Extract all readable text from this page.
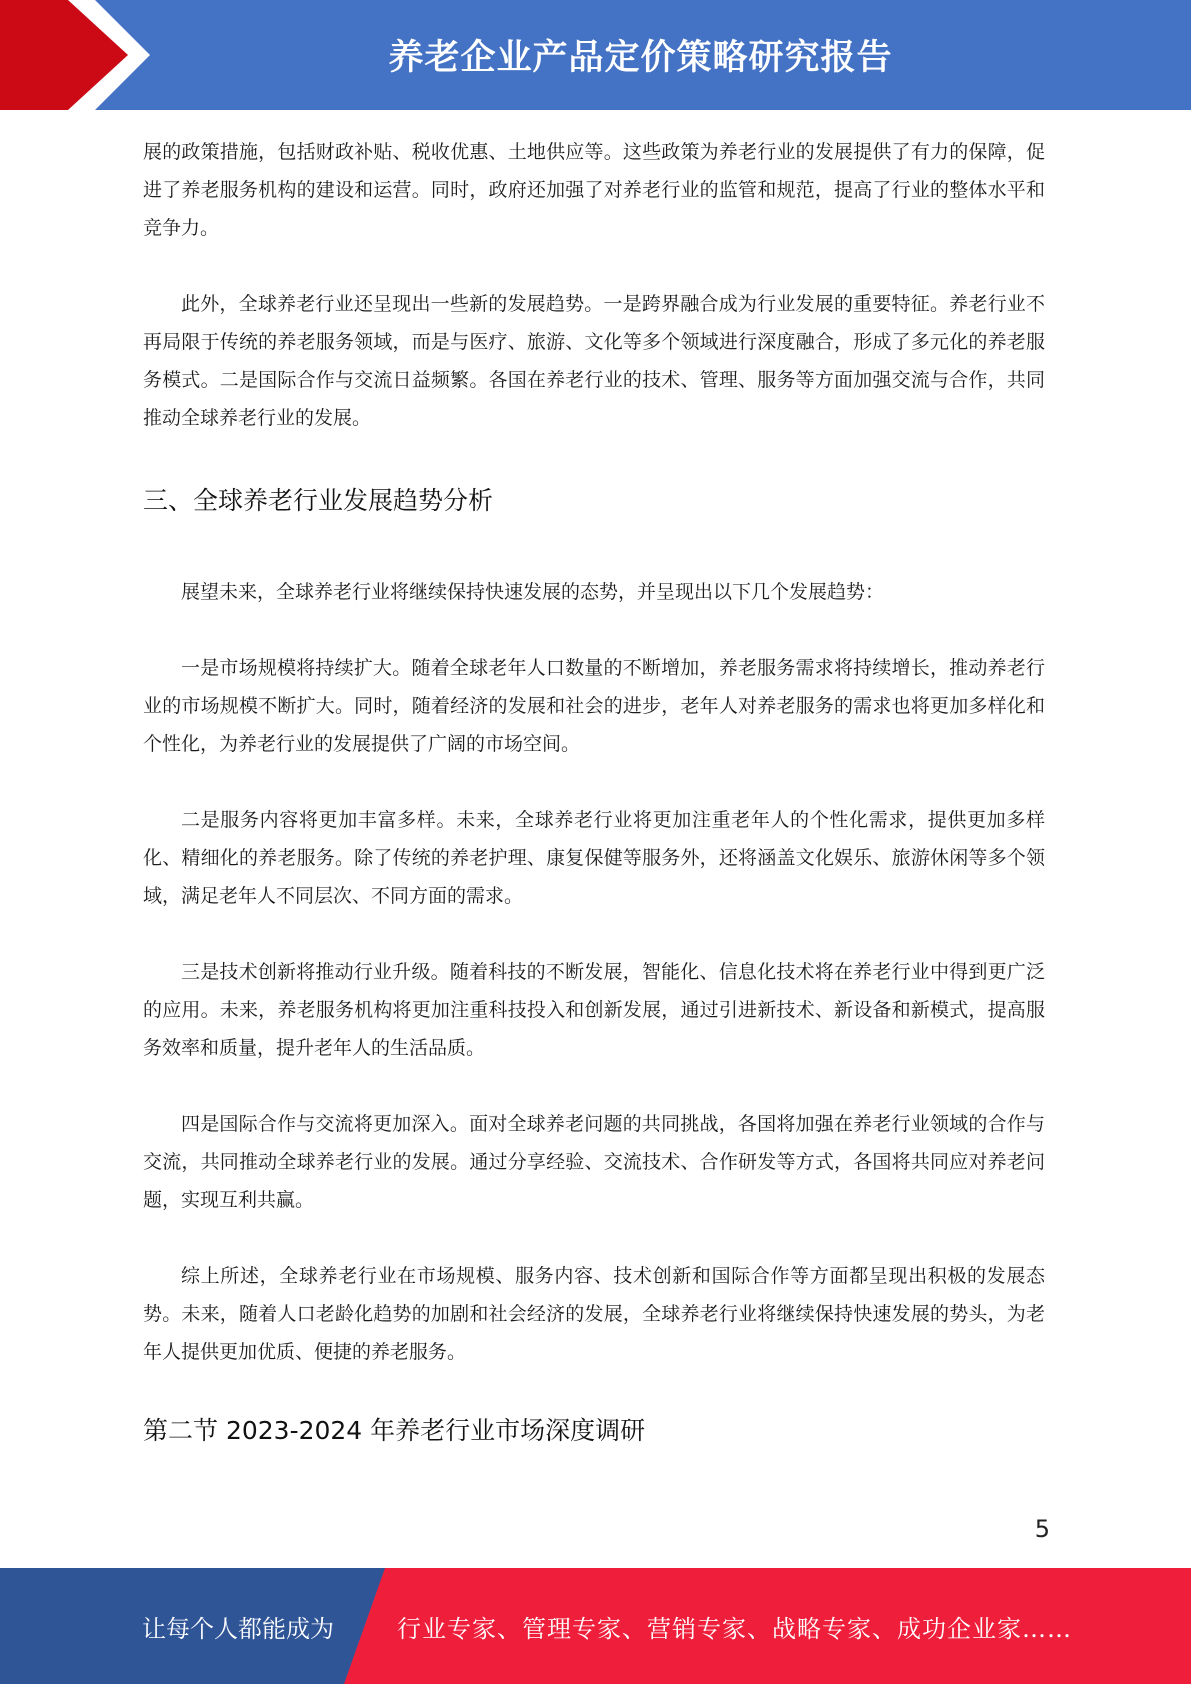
养老企业产品定价策略研究报告

展的政策措施，包括财政补贴、税收优惠、土地供应等。这些政策为养老行业的发展提供了有力的保障，促进了养老服务机构的建设和运营。同时，政府还加强了对养老行业的监管和规范，提高了行业的整体水平和竞争力。

此外，全球养老行业还呈现出一些新的发展趋势。一是跨界融合成为行业发展的重要特征。养老行业不再局限于传统的养老服务领域，而是与医疗、旅游、文化等多个领域进行深度融合，形成了多元化的养老服务模式。二是国际合作与交流日益频繁。各国在养老行业的技术、管理、服务等方面加强交流与合作，共同推动全球养老行业的发展。

三、全球养老行业发展趋势分析

展望未来，全球养老行业将继续保持快速发展的态势，并呈现出以下几个发展趋势：

一是市场规模将持续扩大。随着全球老年人口数量的不断增加，养老服务需求将持续增长，推动养老行业的市场规模不断扩大。同时，随着经济的发展和社会的进步，老年人对养老服务的需求也将更加多样化和个性化，为养老行业的发展提供了广阔的市场空间。

二是服务内容将更加丰富多样。未来，全球养老行业将更加注重老年人的个性化需求，提供更加多样化、精细化的养老服务。除了传统的养老护理、康复保健等服务外，还将涵盖文化娱乐、旅游休闲等多个领域，满足老年人不同层次、不同方面的需求。

三是技术创新将推动行业升级。随着科技的不断发展，智能化、信息化技术将在养老行业中得到更广泛的应用。未来，养老服务机构将更加注重科技投入和创新发展，通过引进新技术、新设备和新模式，提高服务效率和质量，提升老年人的生活品质。

四是国际合作与交流将更加深入。面对全球养老问题的共同挑战，各国将加强在养老行业领域的合作与交流，共同推动全球养老行业的发展。通过分享经验、交流技术、合作研发等方式，各国将共同应对养老问题，实现互利共赢。

综上所述，全球养老行业在市场规模、服务内容、技术创新和国际合作等方面都呈现出积极的发展态势。未来，随着人口老龄化趋势的加剧和社会经济的发展，全球养老行业将继续保持快速发展的势头，为老年人提供更加优质、便捷的养老服务。

第二节 2023-2024 年养老行业市场深度调研
5
让每个人都能成为	行业专家、管理专家、营销专家、战略专家、成功企业家……
